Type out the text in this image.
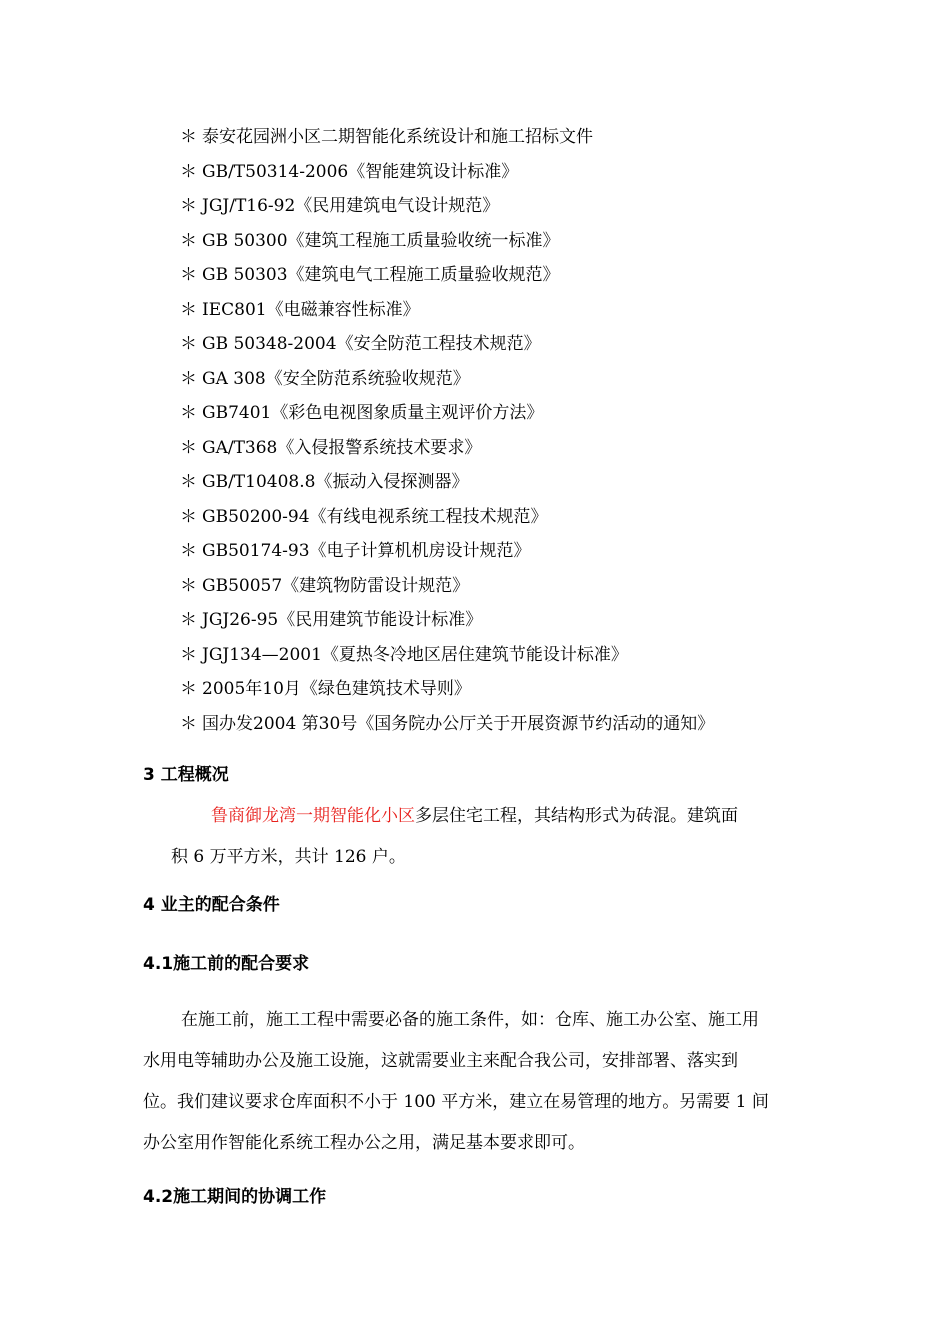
＊ 泰安花园洲小区二期智能化系统设计和施工招标文件
＊ GB/T50314-2006《智能建筑设计标准》
＊ JGJ/T16-92《民用建筑电气设计规范》
＊ GB 50300《建筑工程施工质量验收统一标准》
＊ GB 50303《建筑电气工程施工质量验收规范》
＊ IEC801《电磁兼容性标准》
＊ GB 50348-2004《安全防范工程技术规范》
＊ GA 308《安全防范系统验收规范》
＊ GB7401《彩色电视图象质量主观评价方法》
＊ GA/T368《入侵报警系统技术要求》
＊ GB/T10408.8《振动入侵探测器》
＊ GB50200-94《有线电视系统工程技术规范》
＊ GB50174-93《电子计算机机房设计规范》
＊ GB50057《建筑物防雷设计规范》
＊ JGJ26-95《民用建筑节能设计标准》
＊ JGJ134—2001《夏热冬冷地区居住建筑节能设计标准》
＊ 2005年10月《绿色建筑技术导则》
＊ 国办发2004 第30号《国务院办公厅关于开展资源节约活动的通知》
3 工程概况

鲁商御龙湾一期智能化小区多层住宅工程，其结构形式为砖混。建筑面
积 6 万平方米，共计 126 户。

4 业主的配合条件
4.1施工前的配合要求

在施工前，施工工程中需要必备的施工条件，如：仓库、施工办公室、施工用
水用电等辅助办公及施工设施，这就需要业主来配合我公司，安排部署、落实到
位。我们建议要求仓库面积不小于 100 平方米，建立在易管理的地方。另需要 1 间
办公室用作智能化系统工程办公之用，满足基本要求即可。

4.2施工期间的协调工作
